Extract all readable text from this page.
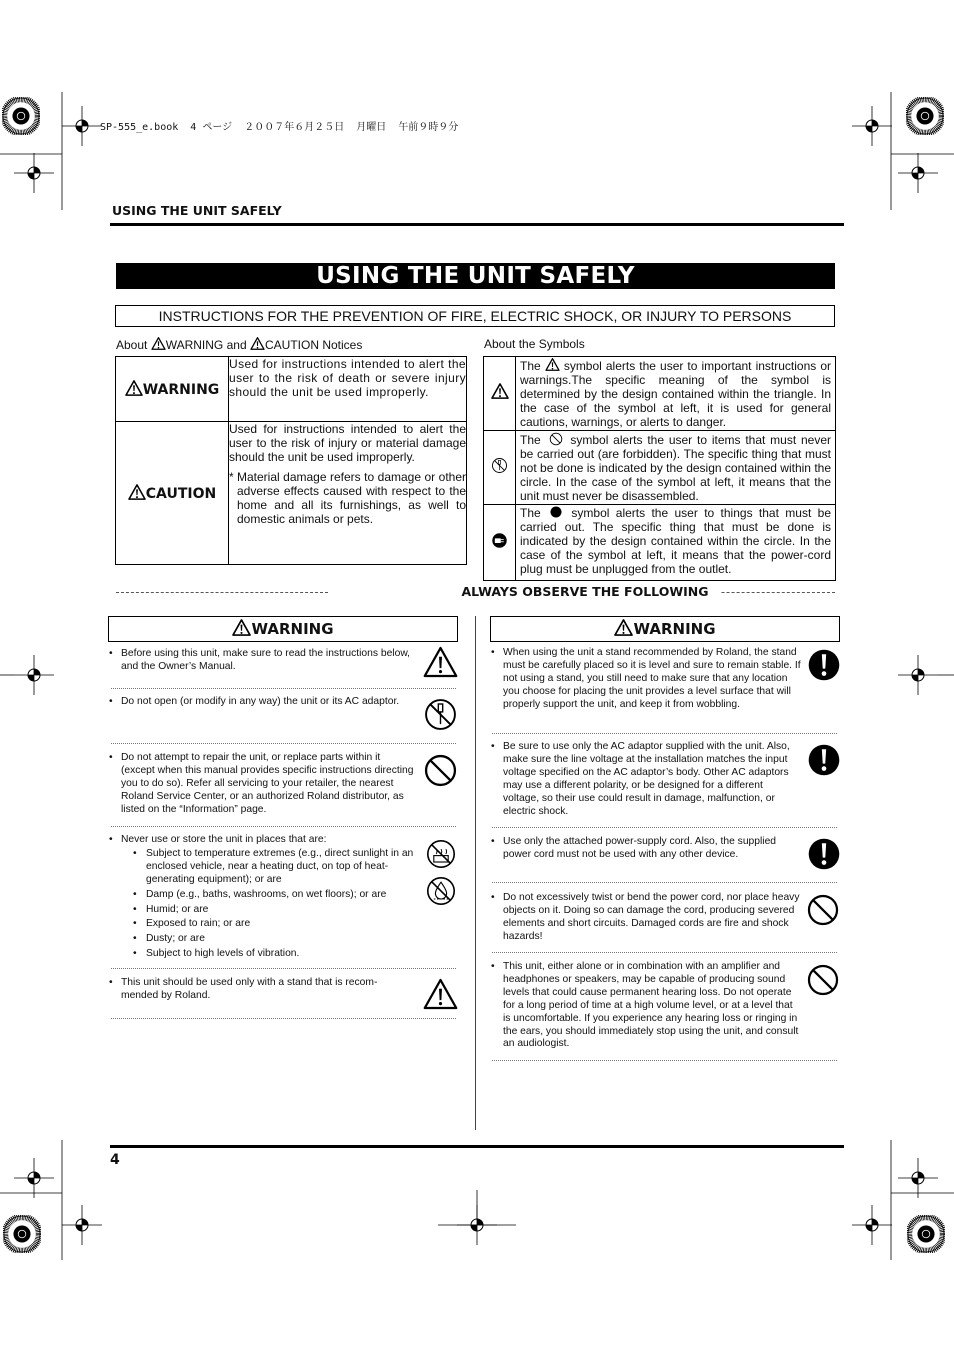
SP-555_e.book  4 ページ  ２００７年６月２５日  月曜日  午前９時９分
USING THE UNIT SAFELY
USING THE UNIT SAFELY
INSTRUCTIONS FOR THE PREVENTION OF FIRE, ELECTRIC SHOCK, OR INJURY TO PERSONS
About WARNING and CAUTION Notices
WARNING	Used for instructions intended to alert the user to the risk of death or severe injury should the unit be used improperly.
CAUTION	Used for instructions intended to alert the user to the risk of injury or material damage should the unit be used improperly.
* Material damage refers to damage or other adverse effects caused with respect to the home and all its furnishings, as well to domestic animals or pets.
About the Symbols
	The symbol alerts the user to important instructions or warnings.The specific meaning of the symbol is determined by the design contained within the triangle. In the case of the symbol at left, it is used for general cautions, warnings, or alerts to danger.
	The symbol alerts the user to items that must never be carried out (are forbidden). The specific thing that must not be done is indicated by the design contained within the circle. In the case of the symbol at left, it means that the unit must never be disassembled.
	The symbol alerts the user to things that must be carried out. The specific thing that must be done is indicated by the design contained within the circle. In the case of the symbol at left, it means that the power-cord plug must be unplugged from the outlet.
ALWAYS OBSERVE THE FOLLOWING
WARNING
• Before using this unit, make sure to read the instructions below, and the Owner’s Manual.
• Do not open (or modify in any way) the unit or its AC adaptor.
• Do not attempt to repair the unit, or replace parts within it (except when this manual provides specific instructions directing you to do so). Refer all servicing to your retailer, the nearest Roland Service Center, or an authorized Roland distributor, as listed on the “Information” page.
• Never use or store the unit in places that are:
• Subject to temperature extremes (e.g., direct sunlight in an enclosed vehicle, near a heating duct, on top of heat-generating equipment); or are
• Damp (e.g., baths, washrooms, on wet floors); or are
• Humid; or are
• Exposed to rain; or are
• Dusty; or are
• Subject to high levels of vibration.
• This unit should be used only with a stand that is recom-mended by Roland.
WARNING
• When using the unit a stand recommended by Roland, the stand must be carefully placed so it is level and sure to remain stable. If not using a stand, you still need to make sure that any location you choose for placing the unit provides a level surface that will properly support the unit, and keep it from wobbling.
• Be sure to use only the AC adaptor supplied with the unit. Also, make sure the line voltage at the installation matches the input voltage specified on the AC adaptor’s body. Other AC adaptors may use a different polarity, or be designed for a different voltage, so their use could result in damage, malfunction, or electric shock.
• Use only the attached power-supply cord. Also, the supplied power cord must not be used with any other device.
• Do not excessively twist or bend the power cord, nor place heavy objects on it. Doing so can damage the cord, producing severed elements and short circuits. Damaged cords are fire and shock hazards!
• This unit, either alone or in combination with an amplifier and headphones or speakers, may be capable of producing sound levels that could cause permanent hearing loss. Do not operate for a long period of time at a high volume level, or at a level that is uncomfortable. If you experience any hearing loss or ringing in the ears, you should immediately stop using the unit, and consult an audiologist.
4
